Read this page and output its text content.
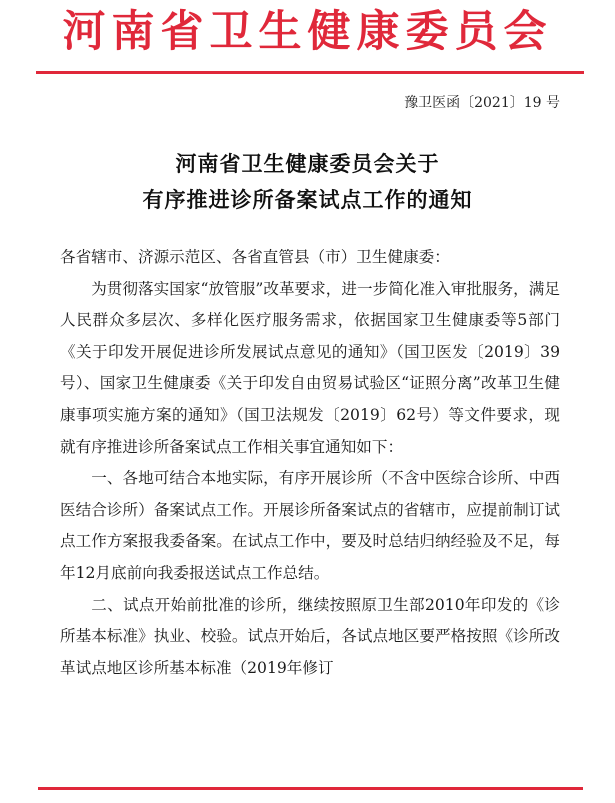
河南省卫生健康委员会
豫卫医函〔2021〕19 号
河南省卫生健康委员会关于
有序推进诊所备案试点工作的通知

各省辖市、济源示范区、各省直管县（市）卫生健康委：

为贯彻落实国家“放管服”改革要求，进一步简化准入审批服务，满足人民群众多层次、多样化医疗服务需求，依据国家卫生健康委等5部门《关于印发开展促进诊所发展试点意见的通知》（国卫医发〔2019〕39号）、国家卫生健康委《关于印发自由贸易试验区“证照分离”改革卫生健康事项实施方案的通知》（国卫法规发〔2019〕62号）等文件要求，现就有序推进诊所备案试点工作相关事宜通知如下：

一、各地可结合本地实际，有序开展诊所（不含中医综合诊所、中西医结合诊所）备案试点工作。开展诊所备案试点的省辖市，应提前制订试点工作方案报我委备案。在试点工作中，要及时总结归纳经验及不足，每年12月底前向我委报送试点工作总结。

二、试点开始前批准的诊所，继续按照原卫生部2010年印发的《诊所基本标准》执业、校验。试点开始后，各试点地区要严格按照《诊所改革试点地区诊所基本标准（2019年修订
